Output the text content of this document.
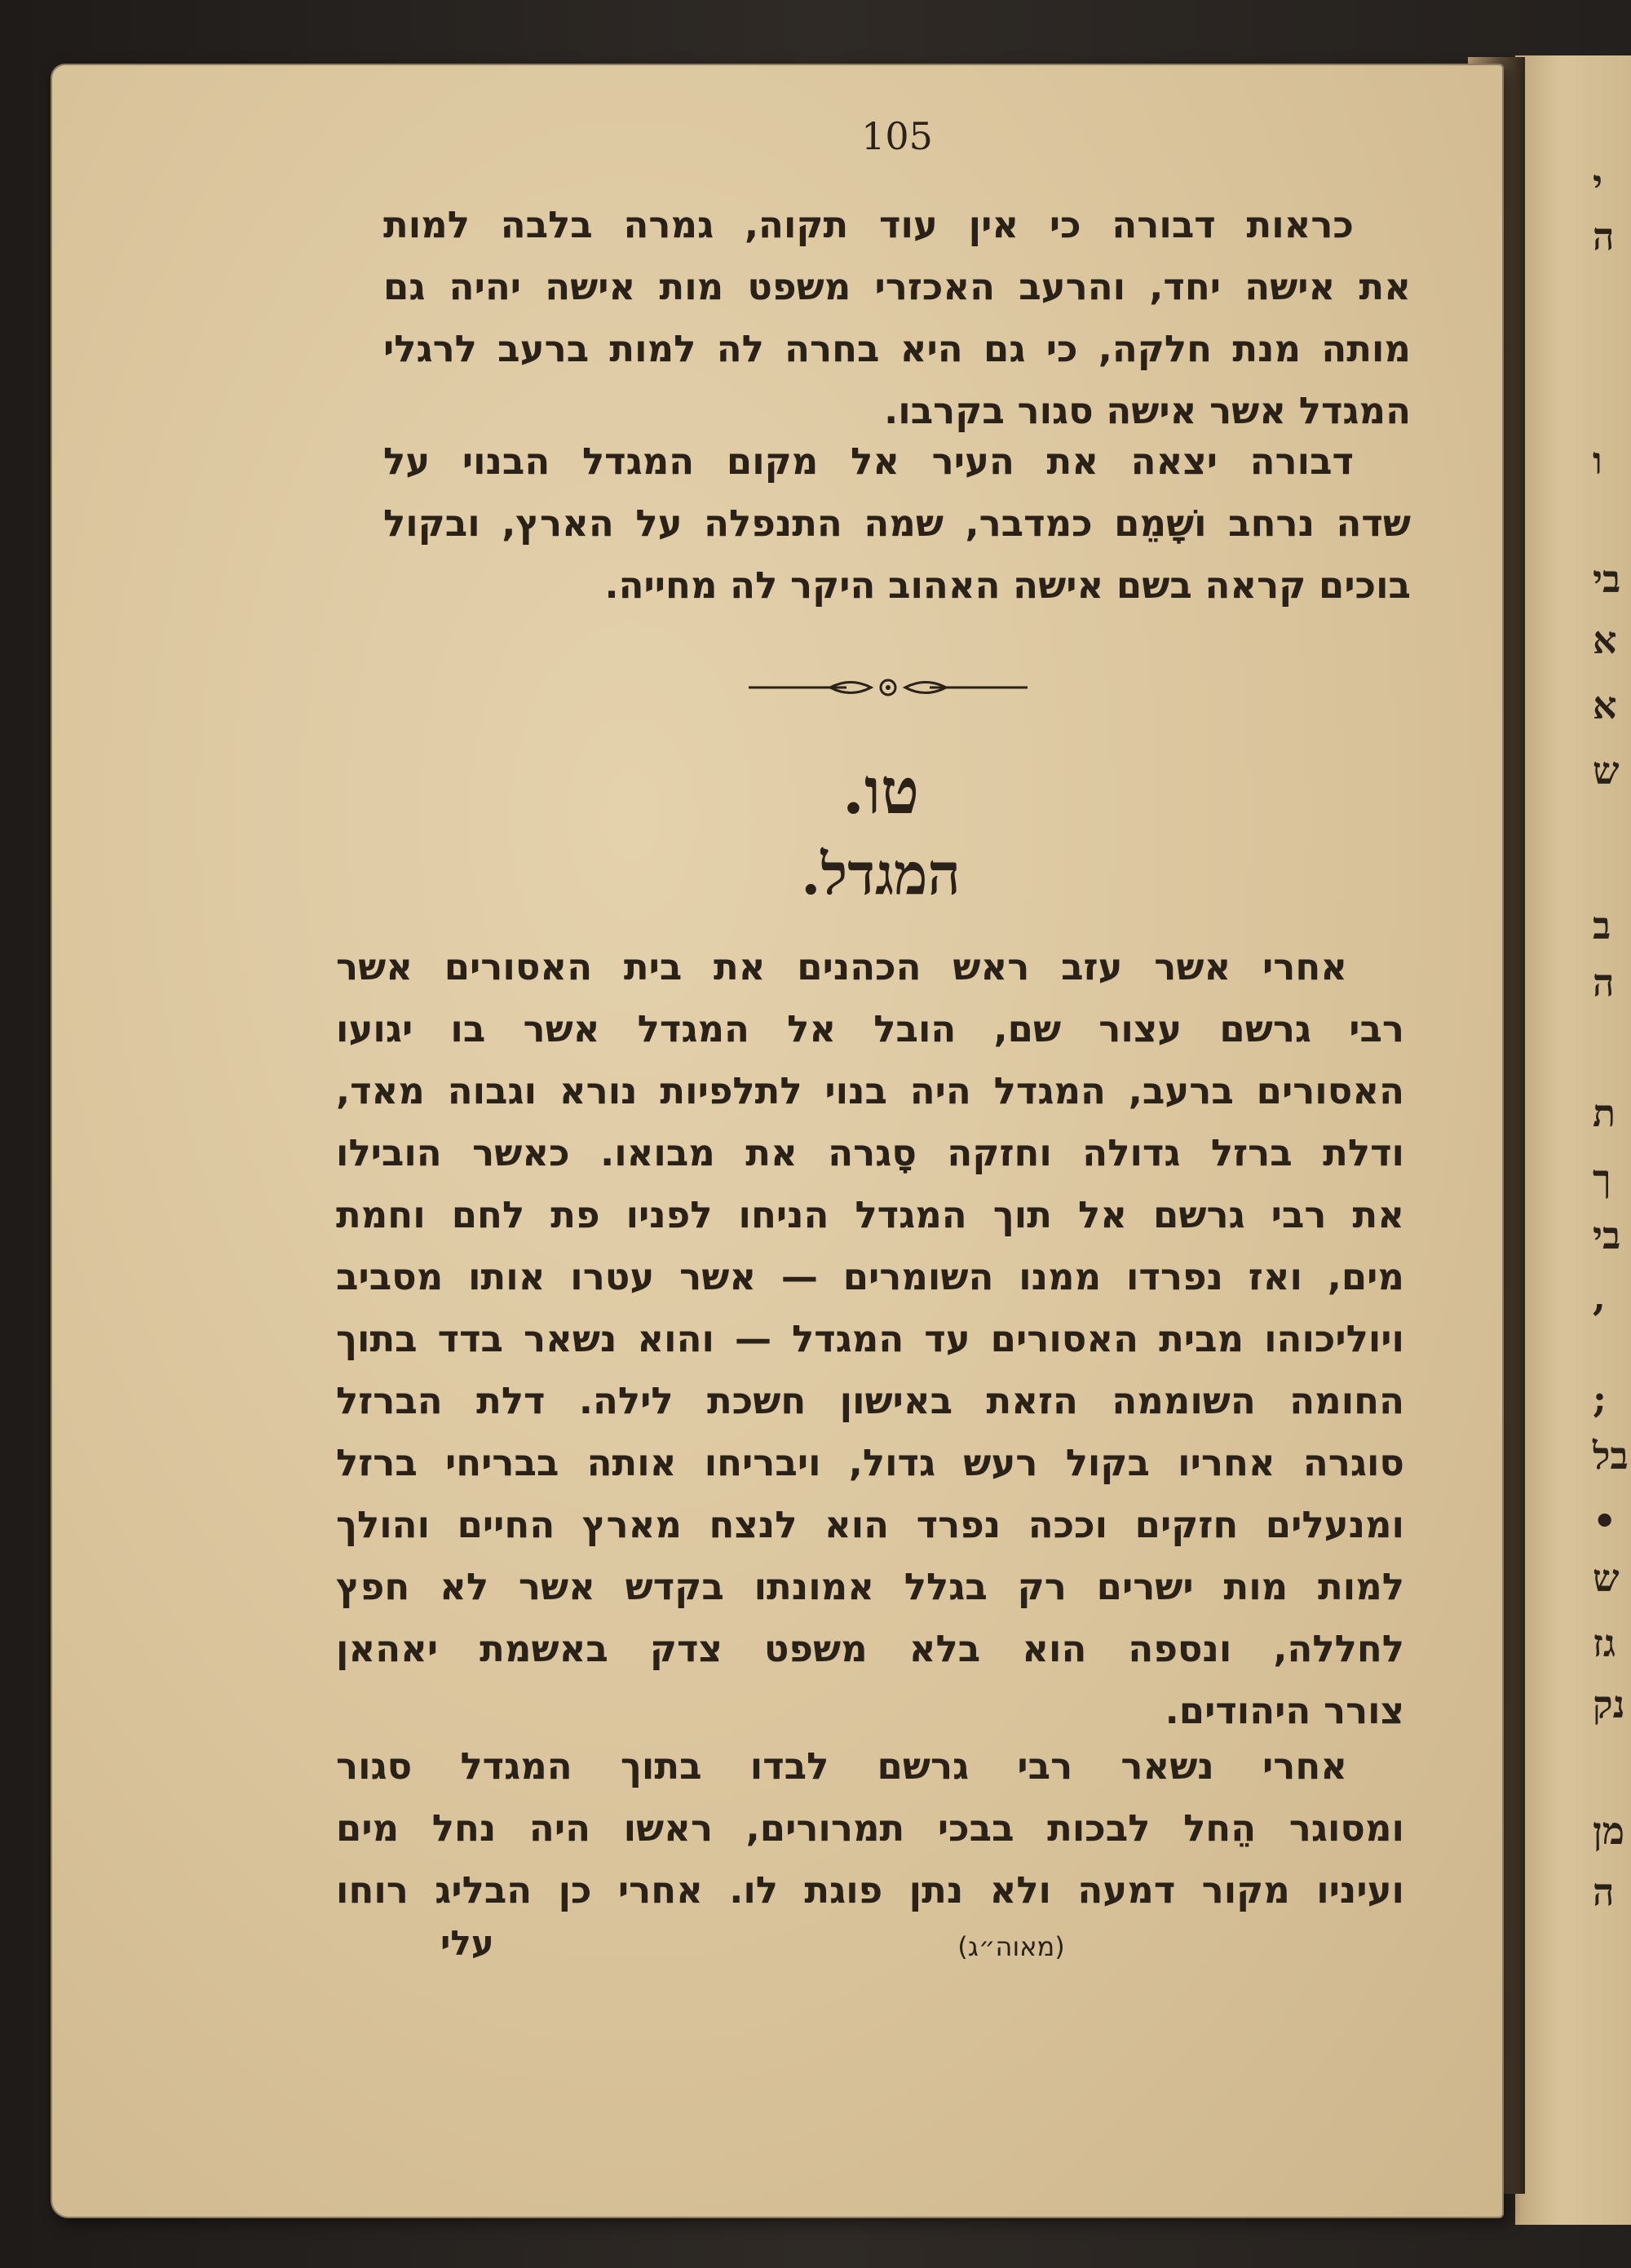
י
ה
ו
בי
א
א
ש
ב
ה
ת
ך
בי
,
;
בל
•
ש
גז
נק
מן
ה
105
כראות דבורה כי אין עוד תקוה, גמרה בלבה למות
את אישה יחד, והרעב האכזרי משפט מות אישה יהיה גם
מותה מנת חלקה, כי גם היא בחרה לה למות ברעב לרגלי
המגדל אשר אישה סגור בקרבו.
דבורה יצאה את העיר אל מקום המגדל הבנוי על
שדה נרחב ושָׁמֵם כמדבר, שמה התנפלה על הארץ, ובקול
בוכים קראה בשם אישה האהוב היקר לה מחייה.
טו.
המגדל.
אחרי אשר עזב ראש הכהנים את בית האסורים אשר
רבי גרשם עצור שם, הובל אל המגדל אשר בו יגועו
האסורים ברעב, המגדל היה בנוי לתלפיות נורא וגבוה מאד,
ודלת ברזל גדולה וחזקה סָגרה את מבואו. כאשר הובילו
את רבי גרשם אל תוך המגדל הניחו לפניו פת לחם וחמת
מים, ואז נפרדו ממנו השומרים — אשר עטרו אותו מסביב
ויוליכוהו מבית האסורים עד המגדל — והוא נשאר בדד בתוך
החומה השוממה הזאת באישון חשכת לילה. דלת הברזל
סוגרה אחריו בקול רעש גדול, ויבריחו אותה בבריחי ברזל
ומנעלים חזקים וככה נפרד הוא לנצח מארץ החיים והולך
למות מות ישרים רק בגלל אמונתו בקדש אשר לא חפץ
לחללה, ונספה הוא בלא משפט צדק באשמת יאהאן
צורר היהודים.
אחרי נשאר רבי גרשם לבדו בתוך המגדל סגור
ומסוגר הֵחל לבכות בבכי תמרורים, ראשו היה נחל מים
ועיניו מקור דמעה ולא נתן פוגת לו. אחרי כן הבליג רוחו
עלי	(מאוה״ג)
